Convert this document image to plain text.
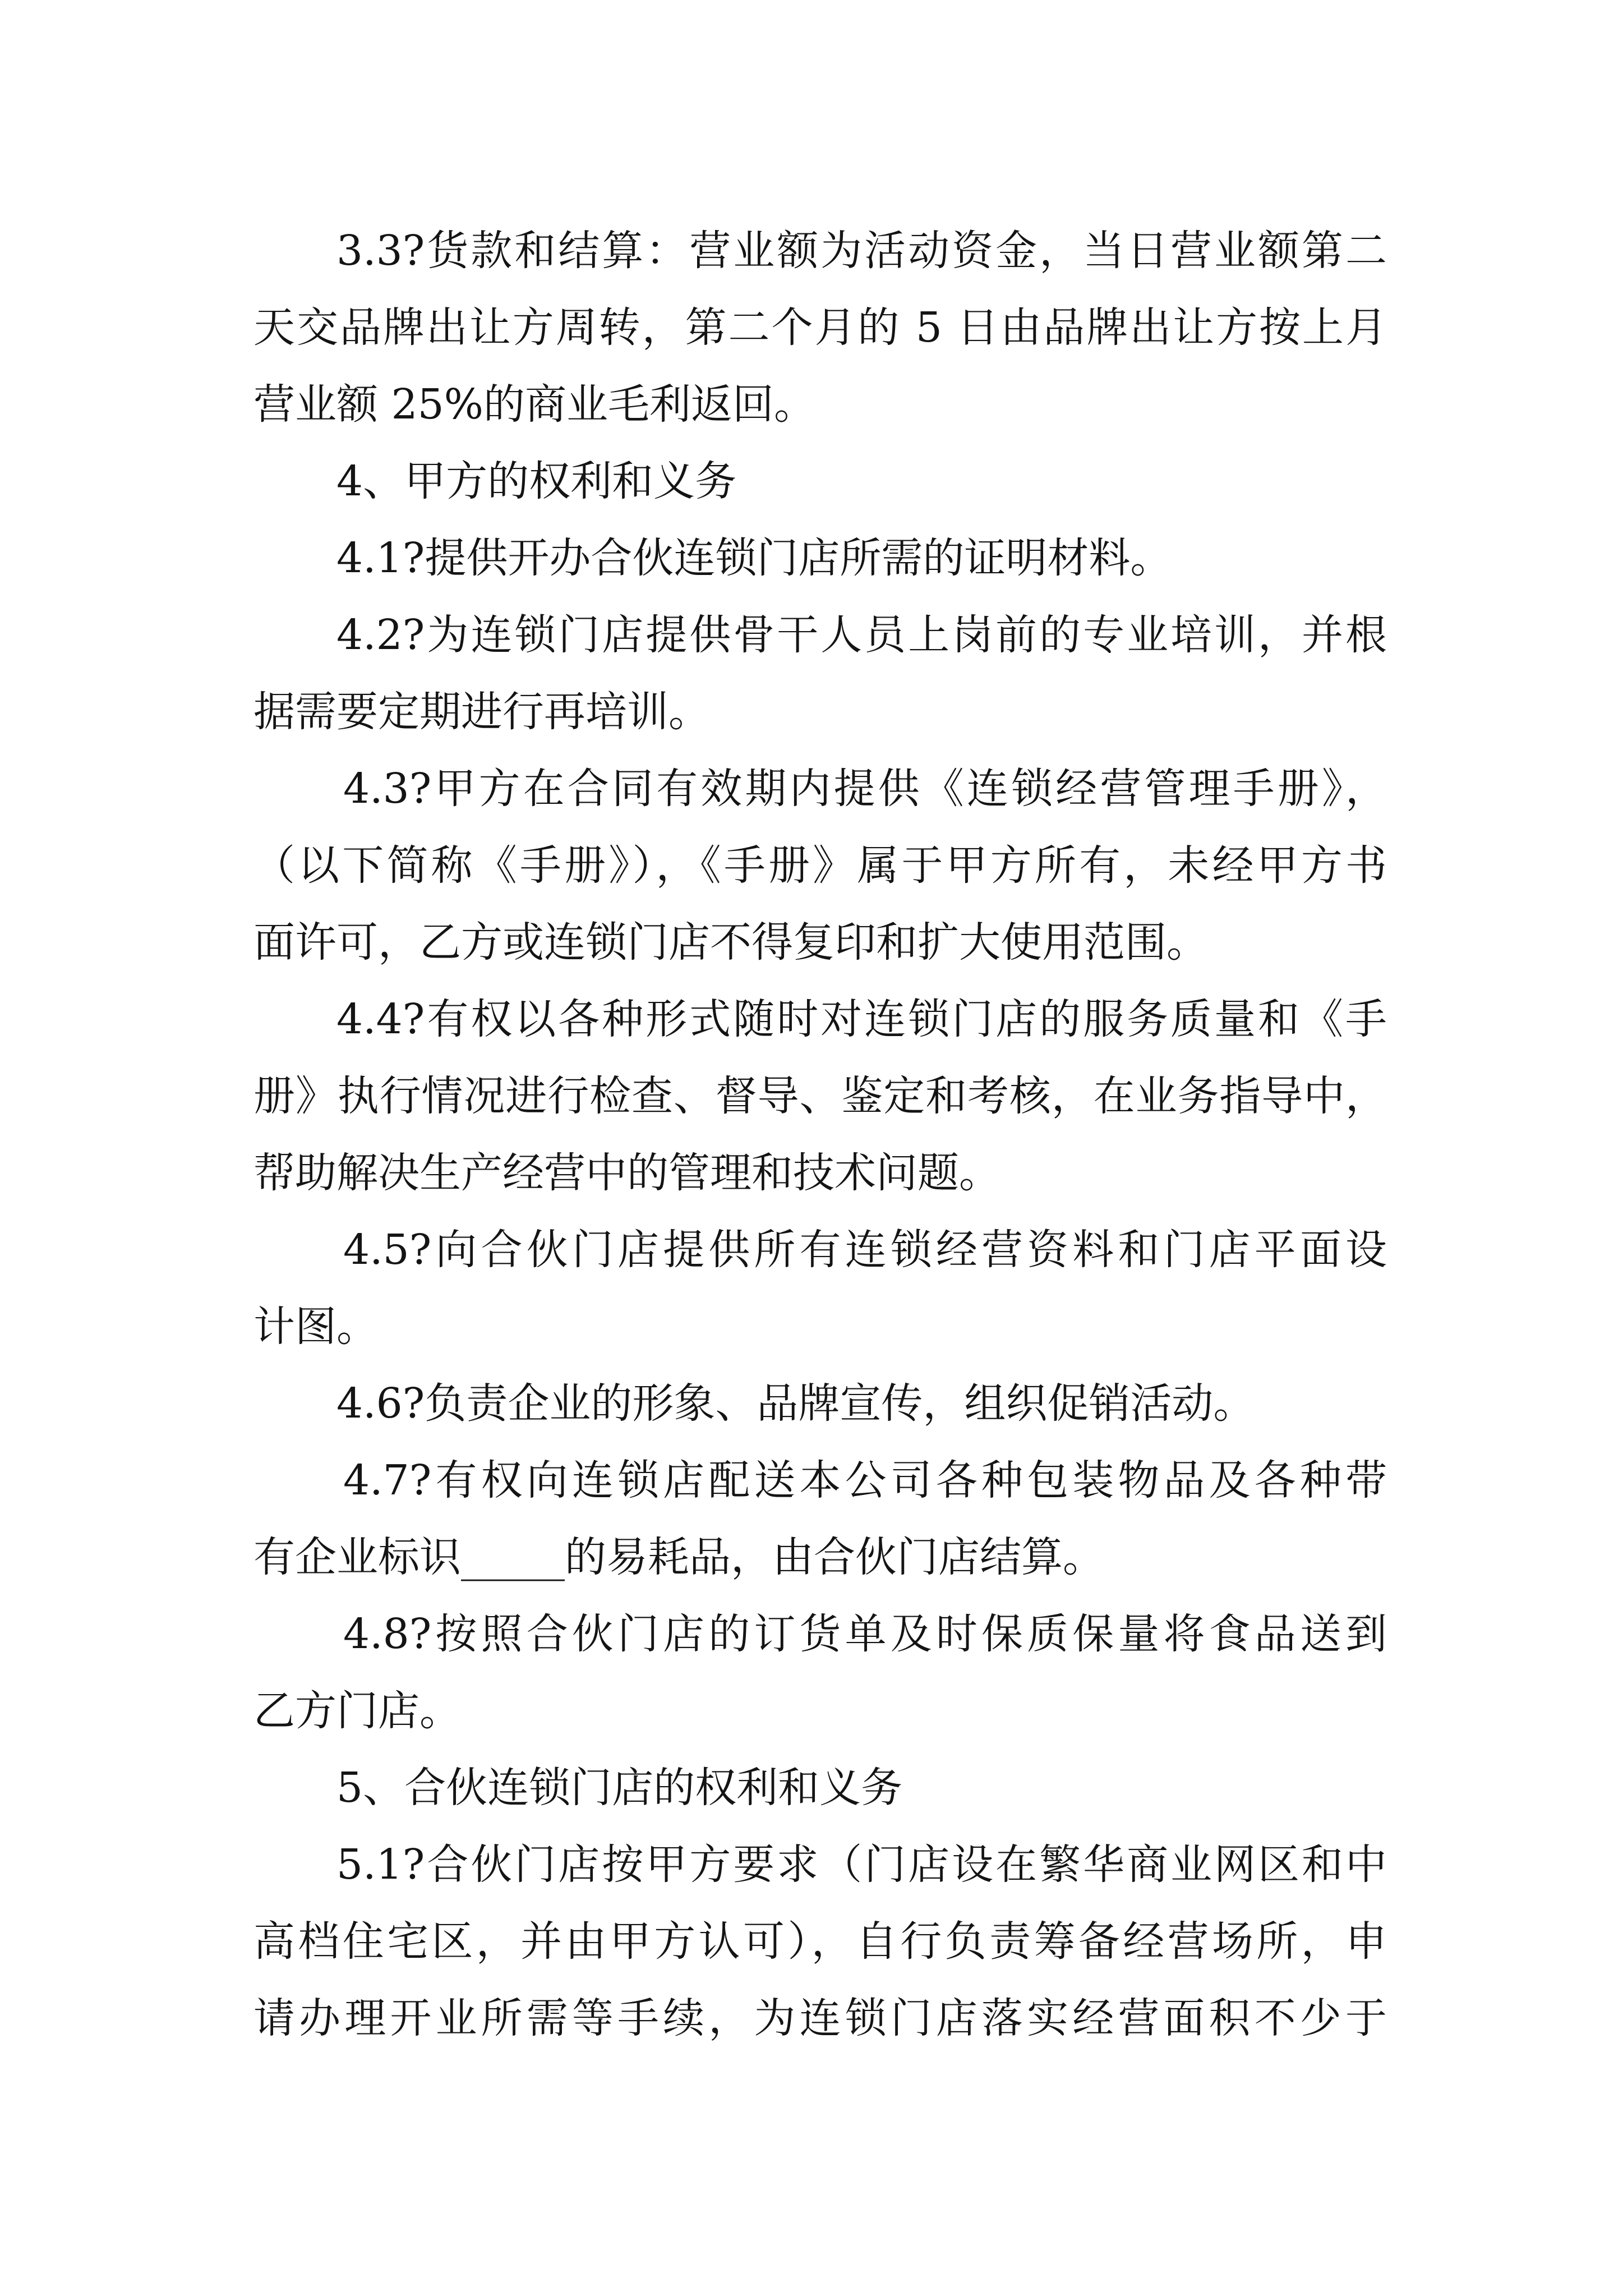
3.3?货款和结算：营业额为活动资金，当日营业额第二
天交品牌出让方周转，第二个月的 5 日由品牌出让方按上月
营业额 25%的商业毛利返回。
4、甲方的权利和义务
4.1?提供开办合伙连锁门店所需的证明材料。
4.2?为连锁门店提供骨干人员上岗前的专业培训，并根
据需要定期进行再培训。
4.3?甲方在合同有效期内提供《连锁经营管理手册》，
（以下简称《手册》），《手册》属于甲方所有，未经甲方书
面许可，乙方或连锁门店不得复印和扩大使用范围。
4.4?有权以各种形式随时对连锁门店的服务质量和《手
册》执行情况进行检查、督导、鉴定和考核，在业务指导中，
帮助解决生产经营中的管理和技术问题。
4.5?向合伙门店提供所有连锁经营资料和门店平面设
计图。
4.6?负责企业的形象、品牌宣传，组织促销活动。
4.7?有权向连锁店配送本公司各种包装物品及各种带
有企业标识_____的易耗品，由合伙门店结算。
4.8?按照合伙门店的订货单及时保质保量将食品送到
乙方门店。
5、合伙连锁门店的权利和义务
5.1?合伙门店按甲方要求（门店设在繁华商业网区和中
高档住宅区，并由甲方认可），自行负责筹备经营场所，申
请办理开业所需等手续，为连锁门店落实经营面积不少于
